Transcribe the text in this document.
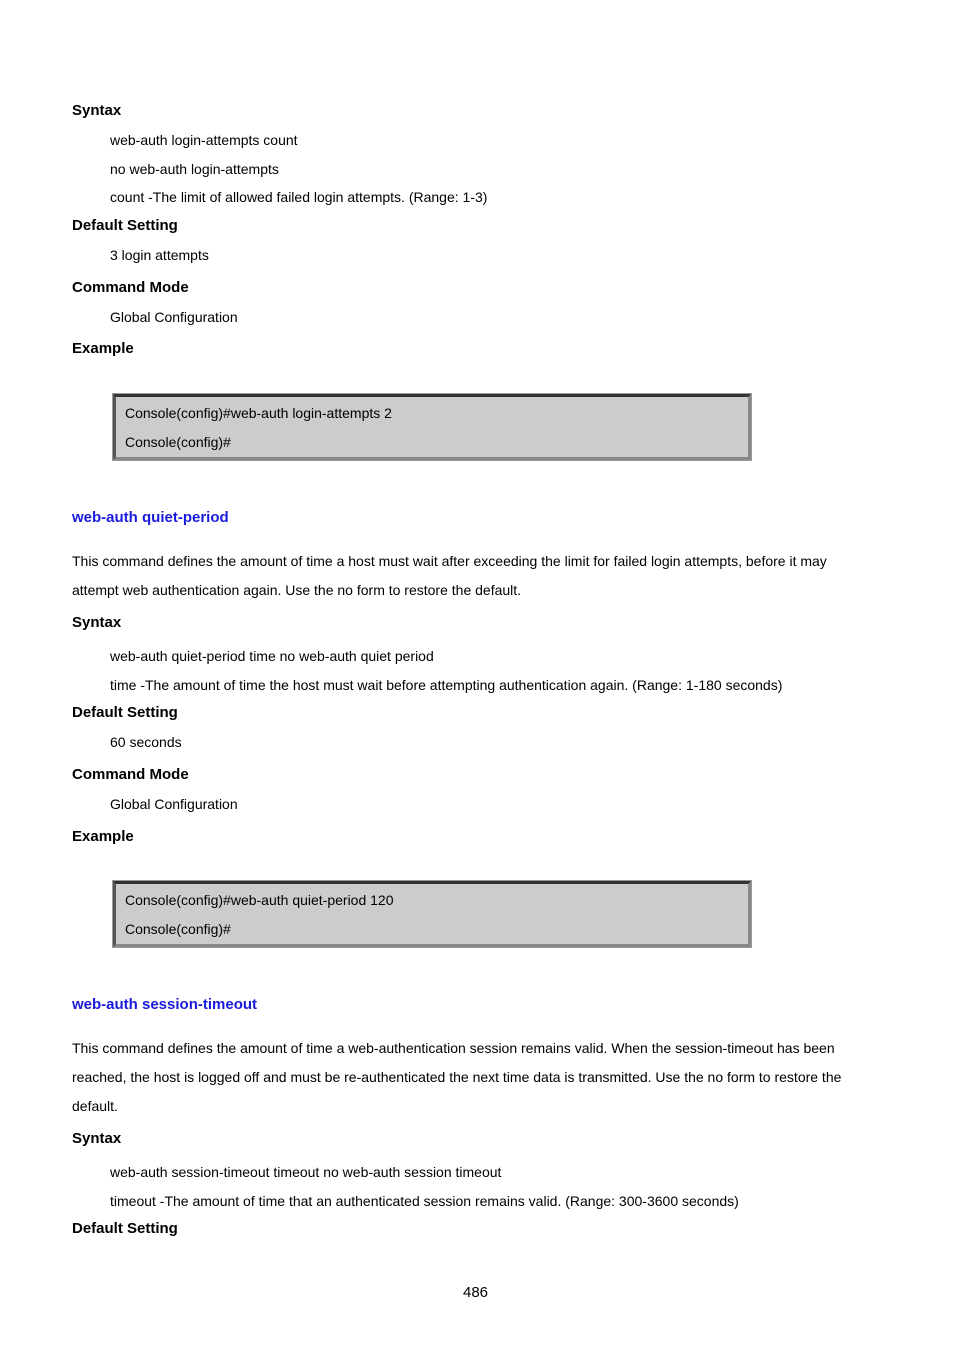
Syntax
web-auth login-attempts count
no web-auth login-attempts
count -The limit of allowed failed login attempts. (Range: 1-3)
Default Setting
3 login attempts
Command Mode
Global Configuration
Example
Console(config)#web-auth login-attempts 2
Console(config)#
web-auth quiet-period
This command defines the amount of time a host must wait after exceeding the limit for failed login attempts, before it may
attempt web authentication again. Use the no form to restore the default.
Syntax
web-auth quiet-period time no web-auth quiet period
time -The amount of time the host must wait before attempting authentication again. (Range: 1-180 seconds)
Default Setting
60 seconds
Command Mode
Global Configuration
Example
Console(config)#web-auth quiet-period 120
Console(config)#
web-auth session-timeout
This command defines the amount of time a web-authentication session remains valid. When the session-timeout has been
reached, the host is logged off and must be re-authenticated the next time data is transmitted. Use the no form to restore the
default.
Syntax
web-auth session-timeout timeout no web-auth session timeout
timeout -The amount of time that an authenticated session remains valid. (Range: 300-3600 seconds)
Default Setting
486
